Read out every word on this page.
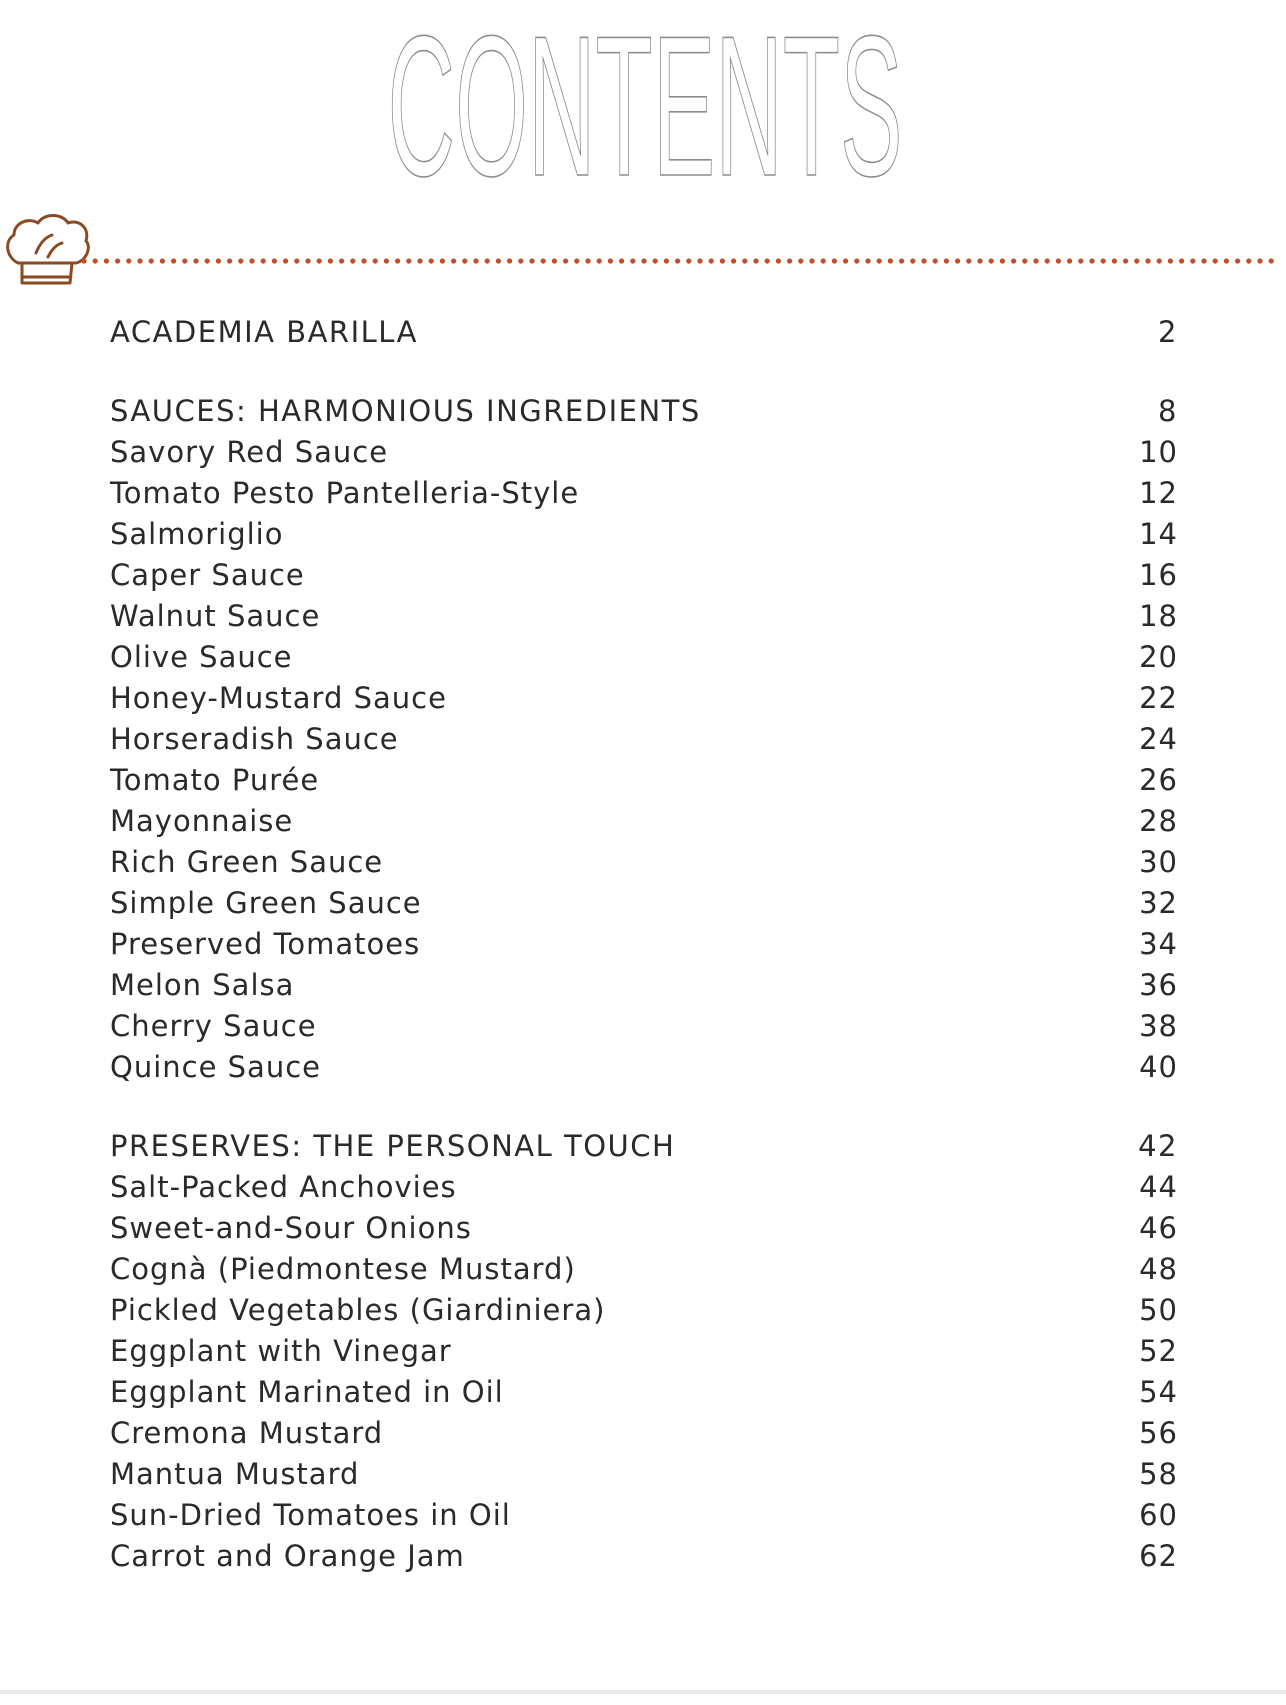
CONTENTS
ACADEMIA BARILLA	2
SAUCES: HARMONIOUS INGREDIENTS	8
Savory Red Sauce	10
Tomato Pesto Pantelleria-Style	12
Salmoriglio	14
Caper Sauce	16
Walnut Sauce	18
Olive Sauce	20
Honey-Mustard Sauce	22
Horseradish Sauce	24
Tomato Purée	26
Mayonnaise	28
Rich Green Sauce	30
Simple Green Sauce	32
Preserved Tomatoes	34
Melon Salsa	36
Cherry Sauce	38
Quince Sauce	40
PRESERVES: THE PERSONAL TOUCH	42
Salt-Packed Anchovies	44
Sweet-and-Sour Onions	46
Cognà (Piedmontese Mustard)	48
Pickled Vegetables (Giardiniera)	50
Eggplant with Vinegar	52
Eggplant Marinated in Oil	54
Cremona Mustard	56
Mantua Mustard	58
Sun-Dried Tomatoes in Oil	60
Carrot and Orange Jam	62
